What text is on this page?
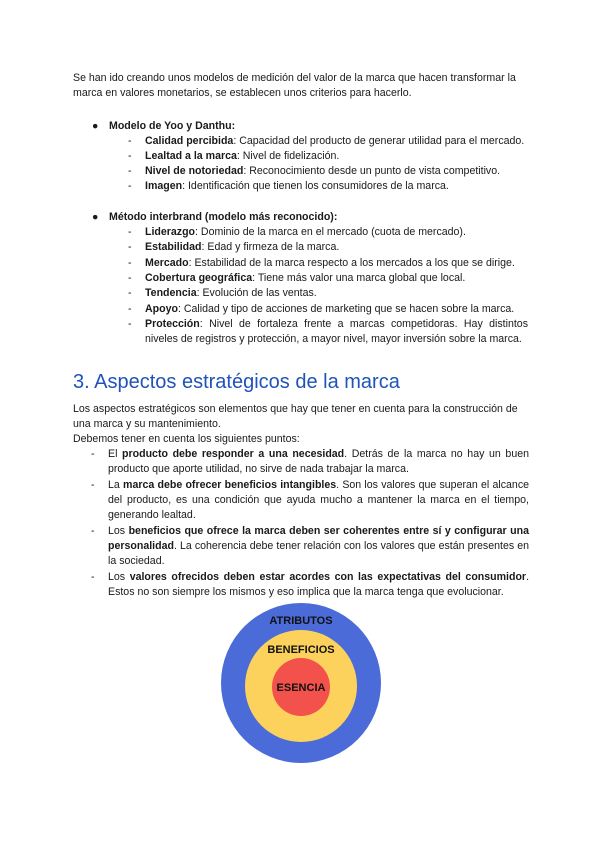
Se han ido creando unos modelos de medición del valor de la marca que hacen transformar la marca en valores monetarios, se establecen unos criterios para hacerlo.

● Modelo de Yoo y Danthu:
- Calidad percibida: Capacidad del producto de generar utilidad para el mercado.
- Lealtad a la marca: Nivel de fidelización.
- Nivel de notoriedad: Reconocimiento desde un punto de vista competitivo.
- Imagen: Identificación que tienen los consumidores de la marca.
● Método interbrand (modelo más reconocido):
- Liderazgo: Dominio de la marca en el mercado (cuota de mercado).
- Estabilidad: Edad y firmeza de la marca.
- Mercado: Estabilidad de la marca respecto a los mercados a los que se dirige.
- Cobertura geográfica: Tiene más valor una marca global que local.
- Tendencia: Evolución de las ventas.
- Apoyo: Calidad y tipo de acciones de marketing que se hacen sobre la marca.
- Protección: Nivel de fortaleza frente a marcas competidoras. Hay distintos niveles de registros y protección, a mayor nivel, mayor inversión sobre la marca.
3. Aspectos estratégicos de la marca

Los aspectos estratégicos son elementos que hay que tener en cuenta para la construcción de una marca y su mantenimiento.

Debemos tener en cuenta los siguientes puntos:

- El producto debe responder a una necesidad. Detrás de la marca no hay un buen producto que aporte utilidad, no sirve de nada trabajar la marca.
- La marca debe ofrecer beneficios intangibles. Son los valores que superan el alcance del producto, es una condición que ayuda mucho a mantener la marca en el tiempo, generando lealtad.
- Los beneficios que ofrece la marca deben ser coherentes entre sí y configurar una personalidad. La coherencia debe tener relación con los valores que están presentes en la sociedad.
- Los valores ofrecidos deben estar acordes con las expectativas del consumidor. Estos no son siempre los mismos y eso implica que la marca tenga que evolucionar.
ATRIBUTOS
BENEFICIOS
ESENCIA
